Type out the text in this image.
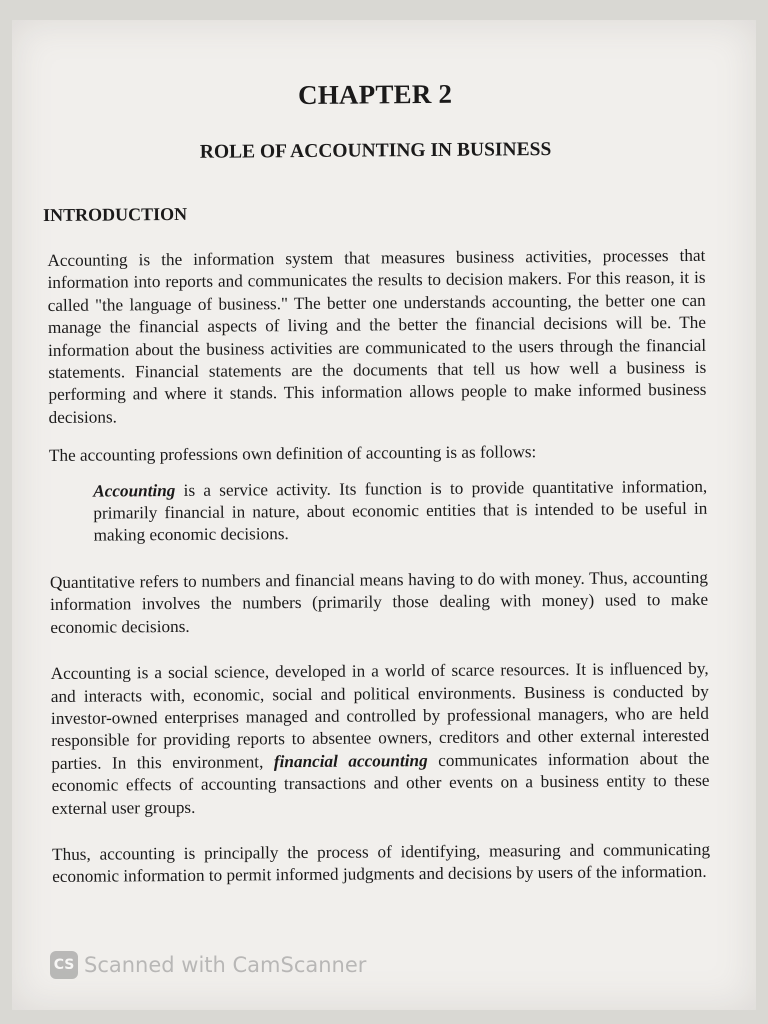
CHAPTER 2
ROLE OF ACCOUNTING IN BUSINESS
INTRODUCTION

Accounting is the information system that measures business activities, processes that information into reports and communicates the results to decision makers. For this reason, it is called "the language of business." The better one understands accounting, the better one can manage the financial aspects of living and the better the financial decisions will be. The information about the business activities are communicated to the users through the financial statements. Financial statements are the documents that tell us how well a business is performing and where it stands. This information allows people to make informed business decisions.

The accounting professions own definition of accounting is as follows:

Accounting is a service activity. Its function is to provide quantitative information, primarily financial in nature, about economic entities that is intended to be useful in making economic decisions.

Quantitative refers to numbers and financial means having to do with money. Thus, accounting information involves the numbers (primarily those dealing with money) used to make economic decisions.

Accounting is a social science, developed in a world of scarce resources. It is influenced by, and interacts with, economic, social and political environments. Business is conducted by investor-owned enterprises managed and controlled by professional managers, who are held responsible for providing reports to absentee owners, creditors and other external interested parties. In this environment, financial accounting communicates information about the economic effects of accounting transactions and other events on a business entity to these external user groups.

Thus, accounting is principally the process of identifying, measuring and communicating economic information to permit informed judgments and decisions by users of the information.

CS Scanned with CamScanner
